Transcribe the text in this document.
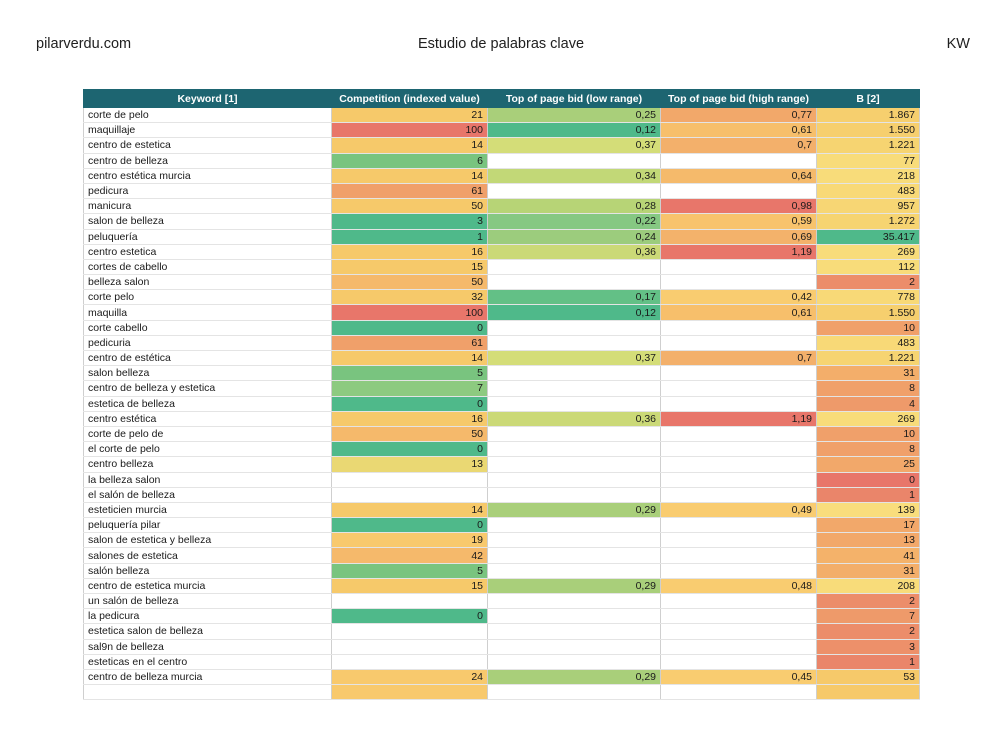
pilarverdu.com	Estudio de palabras clave	KW
Keyword [1]	Competition (indexed value)	Top of page bid (low range)	Top of page bid (high range)	B [2]
corte de pelo	21	0,25	0,77	1.867
maquillaje	100	0,12	0,61	1.550
centro de estetica	14	0,37	0,7	1.221
centro de belleza	6			77
centro estética murcia	14	0,34	0,64	218
pedicura	61			483
manicura	50	0,28	0,98	957
salon de belleza	3	0,22	0,59	1.272
peluquería	1	0,24	0,69	35.417
centro estetica	16	0,36	1,19	269
cortes de cabello	15			112
belleza salon	50			2
corte pelo	32	0,17	0,42	778
maquilla	100	0,12	0,61	1.550
corte cabello	0			10
pedicuria	61			483
centro de estética	14	0,37	0,7	1.221
salon belleza	5			31
centro de belleza y estetica	7			8
estetica de belleza	0			4
centro estética	16	0,36	1,19	269
corte de pelo de	50			10
el corte de pelo	0			8
centro belleza	13			25
la belleza salon				0
el salón de belleza				1
esteticien murcia	14	0,29	0,49	139
peluquería pilar	0			17
salon de estetica y belleza	19			13
salones de estetica	42			41
salón belleza	5			31
centro de estetica murcia	15	0,29	0,48	208
un salón de belleza				2
la pedicura	0			7
estetica salon de belleza				2
sal9n de belleza				3
esteticas en el centro				1
centro de belleza murcia	24	0,29	0,45	53
